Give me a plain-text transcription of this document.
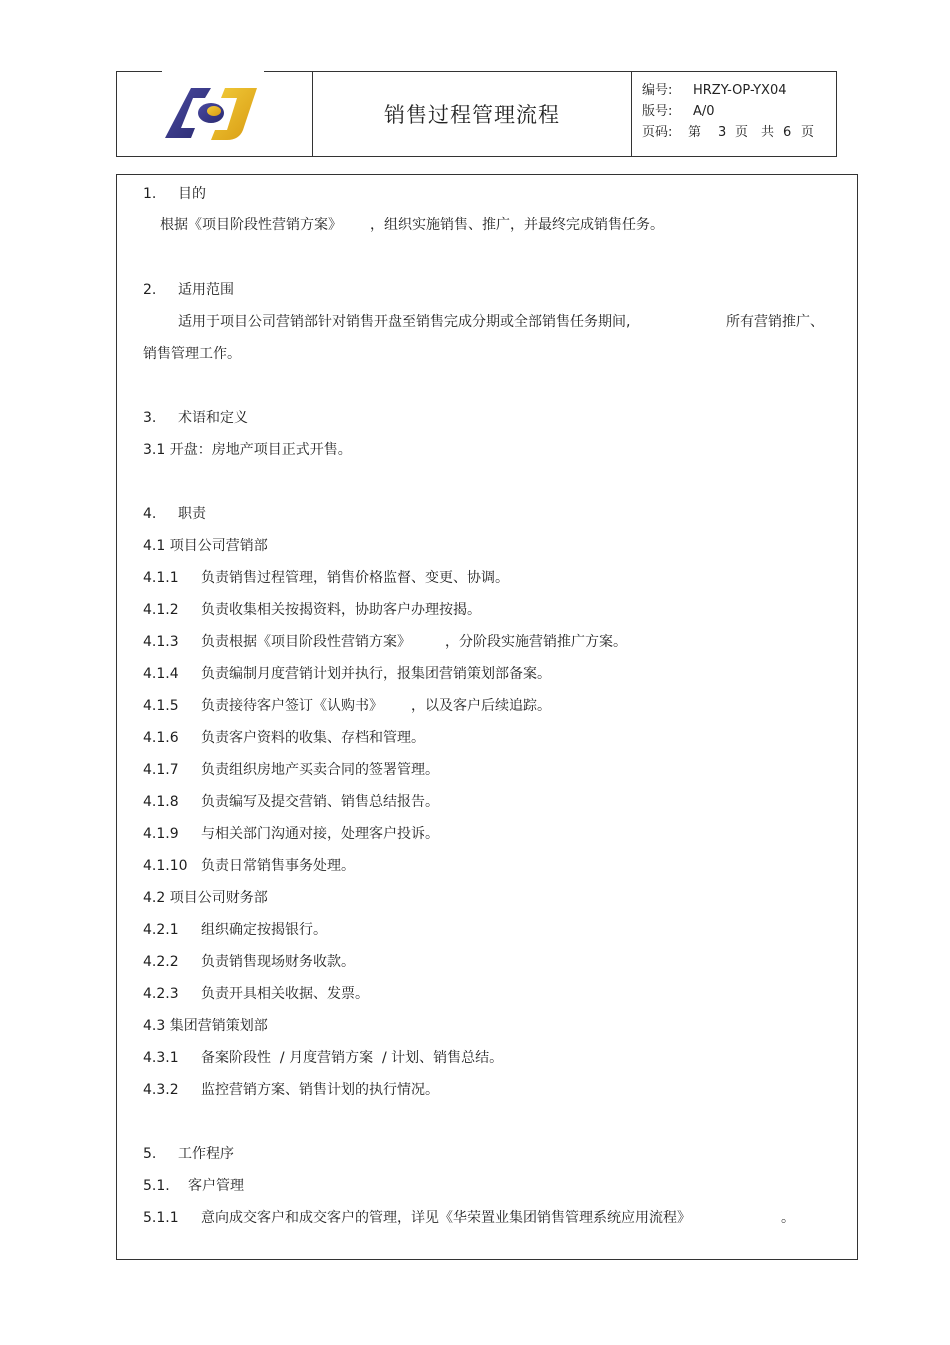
销售过程管理流程
编号:	HRZY-OP-YX04
版号:	A/0
页码:	第	3 页 共 6 页
1. 目的
根据《项目阶段性营销方案》 ，组织实施销售、推广，并最终完成销售任务。
2. 适用范围
适用于项目公司营销部针对销售开盘至销售完成分期或全部销售任务期间,	所有营销推广、
销售管理工作。
3. 术语和定义
3.1 开盘：房地产项目正式开售。
4. 职责
4.1 项目公司营销部
4.1.1 负责销售过程管理，销售价格监督、变更、协调。
4.1.2 负责收集相关按揭资料，协助客户办理按揭。
4.1.3 负责根据《项目阶段性营销方案》 ，分阶段实施营销推广方案。
4.1.4 负责编制月度营销计划并执行，报集团营销策划部备案。
4.1.5 负责接待客户签订《认购书》 ，以及客户后续追踪。
4.1.6 负责客户资料的收集、存档和管理。
4.1.7 负责组织房地产买卖合同的签署管理。
4.1.8 负责编写及提交营销、销售总结报告。
4.1.9 与相关部门沟通对接，处理客户投诉。
4.1.10 负责日常销售事务处理。
4.2 项目公司财务部
4.2.1 组织确定按揭银行。
4.2.2 负责销售现场财务收款。
4.2.3 负责开具相关收据、发票。
4.3 集团营销策划部
4.3.1 备案阶段性  / 月度营销方案  / 计划、销售总结。
4.3.2 监控营销方案、销售计划的执行情况。
5. 工作程序
5.1. 客户管理
5.1.1 意向成交客户和成交客户的管理，详见《华荣置业集团销售管理系统应用流程》	。
